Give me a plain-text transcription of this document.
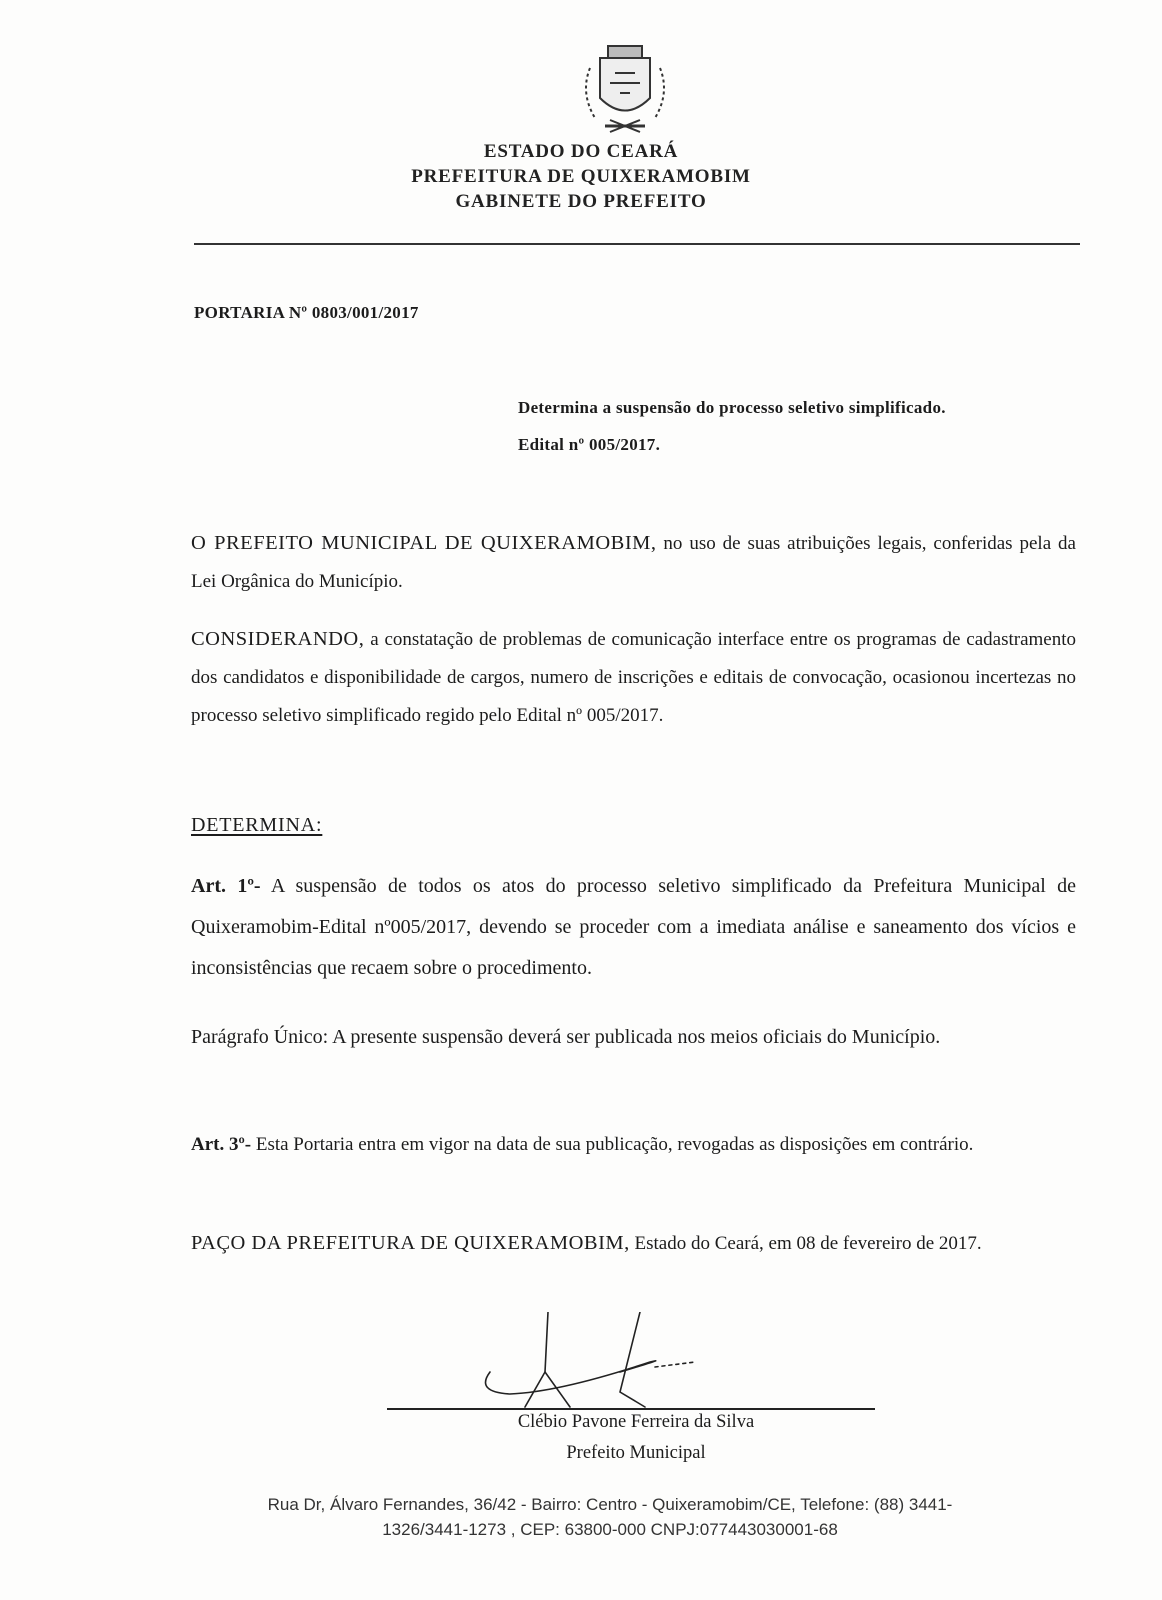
ESTADO DO CEARÁ
PREFEITURA DE QUIXERAMOBIM
GABINETE DO PREFEITO
PORTARIA Nº 0803/001/2017
Determina a suspensão do processo seletivo simplificado.
Edital nº 005/2017.
O PREFEITO MUNICIPAL DE QUIXERAMOBIM, no uso de suas atribuições legais, conferidas pela da Lei Orgânica do Município.
CONSIDERANDO, a constatação de problemas de comunicação interface entre os programas de cadastramento dos candidatos e disponibilidade de cargos, numero de inscrições e editais de convocação, ocasionou incertezas no processo seletivo simplificado regido pelo Edital nº 005/2017.
DETERMINA:
Art. 1º- A suspensão de todos os atos do processo seletivo simplificado da Prefeitura Municipal de Quixeramobim-Edital nº005/2017, devendo se proceder com a imediata análise e saneamento dos vícios e inconsistências que recaem sobre o procedimento.
Parágrafo Único: A presente suspensão deverá ser publicada nos meios oficiais do Município.
Art. 3º- Esta Portaria entra em vigor na data de sua publicação, revogadas as disposições em contrário.
PAÇO DA PREFEITURA DE QUIXERAMOBIM, Estado do Ceará, em 08 de fevereiro de 2017.
Clébio Pavone Ferreira da Silva
Prefeito Municipal
Rua Dr, Álvaro Fernandes, 36/42 - Bairro: Centro - Quixeramobim/CE, Telefone: (88) 3441-
1326/3441-1273 , CEP: 63800-000 CNPJ:077443030001-68
